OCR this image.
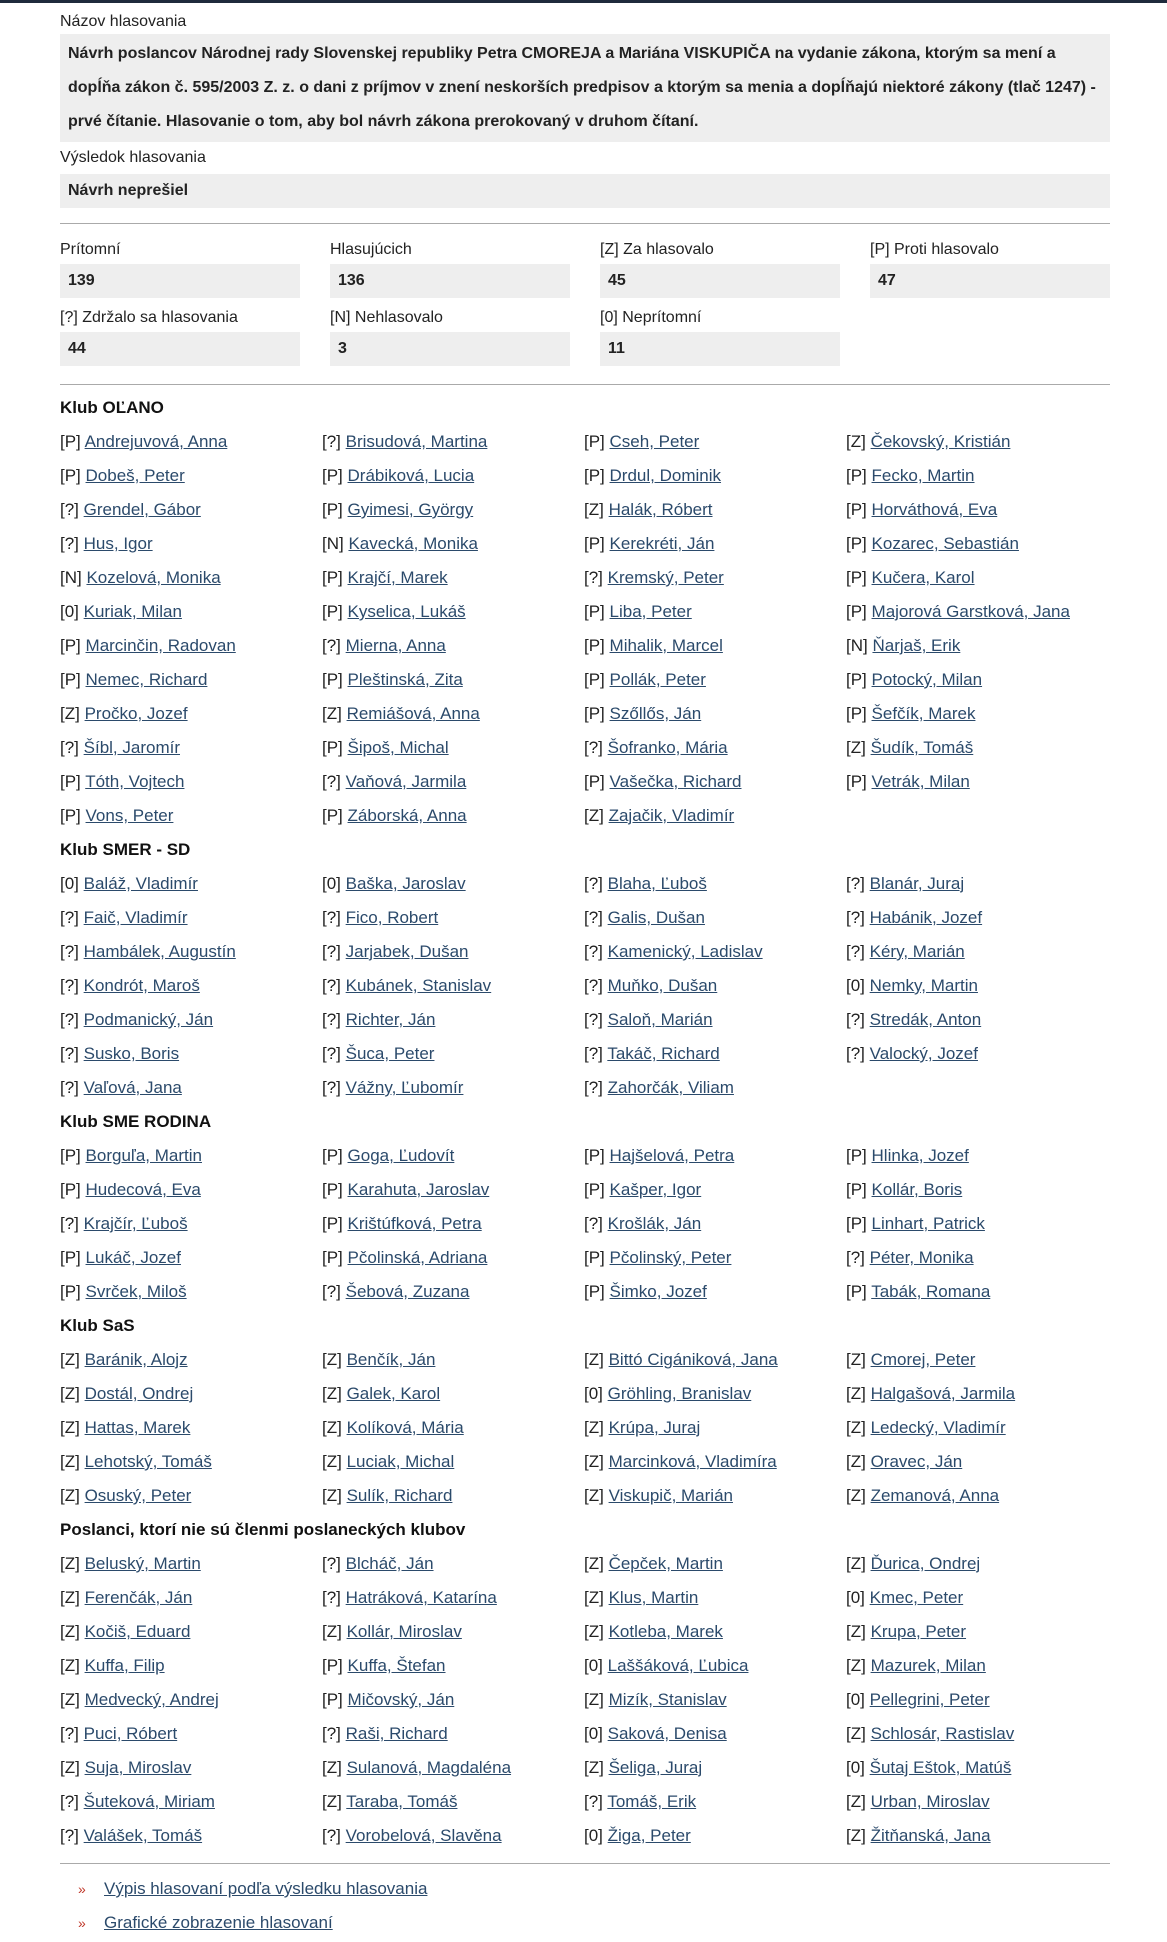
Názov hlasovania
Návrh poslancov Národnej rady Slovenskej republiky Petra CMOREJA a Mariána VISKUPIČA na vydanie zákona, ktorým sa mení a dopĺňa zákon č. 595/2003 Z. z. o dani z príjmov v znení neskorších predpisov a ktorým sa menia a dopĺňajú niektoré zákony (tlač 1247) - prvé čítanie. Hlasovanie o tom, aby bol návrh zákona prerokovaný v druhom čítaní.
Výsledok hlasovania
Návrh neprešiel
Prítomní
139
Hlasujúcich
136
[Z] Za hlasovalo
45
[P] Proti hlasovalo
47
[?] Zdržalo sa hlasovania
44
[N] Nehlasovalo
3
[0] Neprítomní
11
Klub OĽANO
[P] Andrejuvová, Anna	[?] Brisudová, Martina	[P] Cseh, Peter	[Z] Čekovský, Kristián
[P] Dobeš, Peter	[P] Drábiková, Lucia	[P] Drdul, Dominik	[P] Fecko, Martin
[?] Grendel, Gábor	[P] Gyimesi, György	[Z] Halák, Róbert	[P] Horváthová, Eva
[?] Hus, Igor	[N] Kavecká, Monika	[P] Kerekréti, Ján	[P] Kozarec, Sebastián
[N] Kozelová, Monika	[P] Krajčí, Marek	[?] Kremský, Peter	[P] Kučera, Karol
[0] Kuriak, Milan	[P] Kyselica, Lukáš	[P] Liba, Peter	[P] Majorová Garstková, Jana
[P] Marcinčin, Radovan	[?] Mierna, Anna	[P] Mihalik, Marcel	[N] Ňarjaš, Erik
[P] Nemec, Richard	[P] Pleštinská, Zita	[P] Pollák, Peter	[P] Potocký, Milan
[Z] Pročko, Jozef	[Z] Remiášová, Anna	[P] Szőllős, Ján	[P] Šefčík, Marek
[?] Šíbl, Jaromír	[P] Šipoš, Michal	[?] Šofranko, Mária	[Z] Šudík, Tomáš
[P] Tóth, Vojtech	[?] Vaňová, Jarmila	[P] Vašečka, Richard	[P] Vetrák, Milan
[P] Vons, Peter	[P] Záborská, Anna	[Z] Zajačik, Vladimír
Klub SMER - SD
[0] Baláž, Vladimír	[0] Baška, Jaroslav	[?] Blaha, Ľuboš	[?] Blanár, Juraj
[?] Faič, Vladimír	[?] Fico, Robert	[?] Galis, Dušan	[?] Habánik, Jozef
[?] Hambálek, Augustín	[?] Jarjabek, Dušan	[?] Kamenický, Ladislav	[?] Kéry, Marián
[?] Kondrót, Maroš	[?] Kubánek, Stanislav	[?] Muňko, Dušan	[0] Nemky, Martin
[?] Podmanický, Ján	[?] Richter, Ján	[?] Saloň, Marián	[?] Stredák, Anton
[?] Susko, Boris	[?] Šuca, Peter	[?] Takáč, Richard	[?] Valocký, Jozef
[?] Vaľová, Jana	[?] Vážny, Ľubomír	[?] Zahorčák, Viliam
Klub SME RODINA
[P] Borguľa, Martin	[P] Goga, Ľudovít	[P] Hajšelová, Petra	[P] Hlinka, Jozef
[P] Hudecová, Eva	[P] Karahuta, Jaroslav	[P] Kašper, Igor	[P] Kollár, Boris
[?] Krajčír, Ľuboš	[P] Krištúfková, Petra	[?] Krošlák, Ján	[P] Linhart, Patrick
[P] Lukáč, Jozef	[P] Pčolinská, Adriana	[P] Pčolinský, Peter	[?] Péter, Monika
[P] Svrček, Miloš	[?] Šebová, Zuzana	[P] Šimko, Jozef	[P] Tabák, Romana
Klub SaS
[Z] Baránik, Alojz	[Z] Benčík, Ján	[Z] Bittó Cigániková, Jana	[Z] Cmorej, Peter
[Z] Dostál, Ondrej	[Z] Galek, Karol	[0] Gröhling, Branislav	[Z] Halgašová, Jarmila
[Z] Hattas, Marek	[Z] Kolíková, Mária	[Z] Krúpa, Juraj	[Z] Ledecký, Vladimír
[Z] Lehotský, Tomáš	[Z] Luciak, Michal	[Z] Marcinková, Vladimíra	[Z] Oravec, Ján
[Z] Osuský, Peter	[Z] Sulík, Richard	[Z] Viskupič, Marián	[Z] Zemanová, Anna
Poslanci, ktorí nie sú členmi poslaneckých klubov
[Z] Beluský, Martin	[?] Blcháč, Ján	[Z] Čepček, Martin	[Z] Ďurica, Ondrej
[Z] Ferenčák, Ján	[?] Hatráková, Katarína	[Z] Klus, Martin	[0] Kmec, Peter
[Z] Kočiš, Eduard	[Z] Kollár, Miroslav	[Z] Kotleba, Marek	[Z] Krupa, Peter
[Z] Kuffa, Filip	[P] Kuffa, Štefan	[0] Laššáková, Ľubica	[Z] Mazurek, Milan
[Z] Medvecký, Andrej	[P] Mičovský, Ján	[Z] Mizík, Stanislav	[0] Pellegrini, Peter
[?] Puci, Róbert	[?] Raši, Richard	[0] Saková, Denisa	[Z] Schlosár, Rastislav
[Z] Suja, Miroslav	[Z] Sulanová, Magdaléna	[Z] Šeliga, Juraj	[0] Šutaj Eštok, Matúš
[?] Šuteková, Miriam	[Z] Taraba, Tomáš	[?] Tomáš, Erik	[Z] Urban, Miroslav
[?] Valášek, Tomáš	[?] Vorobelová, Slavěna	[0] Žiga, Peter	[Z] Žitňanská, Jana
» Výpis hlasovaní podľa výsledku hlasovania
» Grafické zobrazenie hlasovaní
